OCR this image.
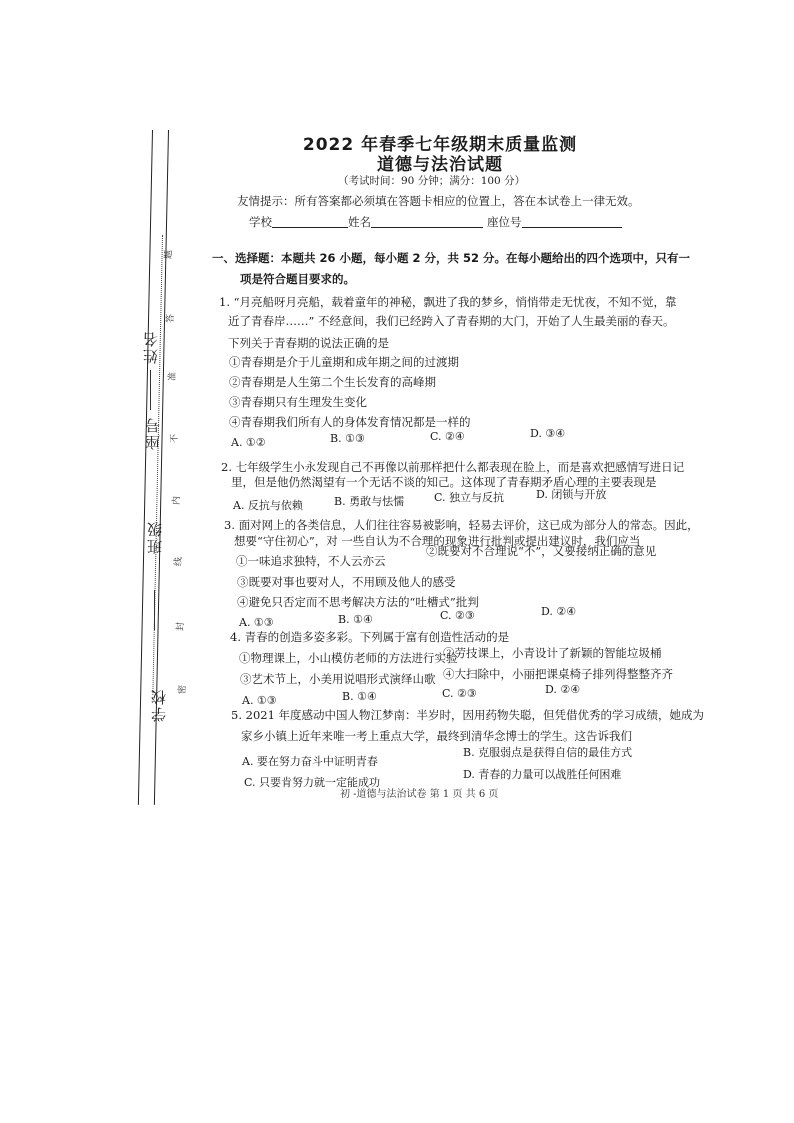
姓名
座号
班级
学校
题
答
准
不
内
线
封
密
2022 年春季七年级期末质量监测
道德与法治试题
（考试时间：90 分钟；满分：100 分）
友情提示：所有答案都必须填在答题卡相应的位置上，答在本试卷上一律无效。
学校	姓名	座位号
一、选择题：本题共 26 小题，每小题 2 分，共 52 分。在每小题给出的四个选项中，只有一
项是符合题目要求的。
1. “月亮船呀月亮船，载着童年的神秘，飘进了我的梦乡，悄悄带走无忧夜，不知不觉，靠
近了青春岸……” 不经意间，我们已经跨入了青春期的大门，开始了人生最美丽的春天。
下列关于青春期的说法正确的是
①青春期是介于儿童期和成年期之间的过渡期
②青春期是人生第二个生长发育的高峰期
③青春期只有生理发生变化
④青春期我们所有人的身体发育情况都是一样的
A. ①②	B. ①③	C. ②④	D. ③④
2. 七年级学生小永发现自己不再像以前那样把什么都表现在脸上，而是喜欢把感情写进日记
里，但是他仍然渴望有一个无话不谈的知己。这体现了青春期矛盾心理的主要表现是
A. 反抗与依赖	B. 勇敢与怯懦	C. 独立与反抗	D. 闭锁与开放
3. 面对网上的各类信息，人们往往容易被影响，轻易去评价，这已成为部分人的常态。因此，
想要“守住初心”，对 一些自认为不合理的现象进行批判或提出建议时，我们应当
①一味追求独特，不人云亦云
②既要对不合理说“不”，又要接纳正确的意见
③既要对事也要对人，不用顾及他人的感受
④避免只否定而不思考解决方法的“吐槽式”批判
A. ①③	B. ①④	C. ②③	D. ②④
4. 青春的创造多姿多彩。下列属于富有创造性活动的是
①物理课上，小山模仿老师的方法进行实验
②劳技课上，小青设计了新颖的智能垃圾桶
③艺术节上，小美用说唱形式演绎山歌 ④大扫除中，小丽把课桌椅子排列得整整齐齐
A. ①③	B. ①④	C. ②③	D. ②④
5. 2021 年度感动中国人物江梦南：半岁时，因用药物失聪，但凭借优秀的学习成绩，她成为
家乡小镇上近年来唯一考上重点大学，最终到清华念博士的学生。这告诉我们
A. 要在努力奋斗中证明青春
B. 克服弱点是获得自信的最佳方式
C. 只要肯努力就一定能成功
D. 青春的力量可以战胜任何困难
初 -道德与法治试卷 第 1 页 共 6 页
